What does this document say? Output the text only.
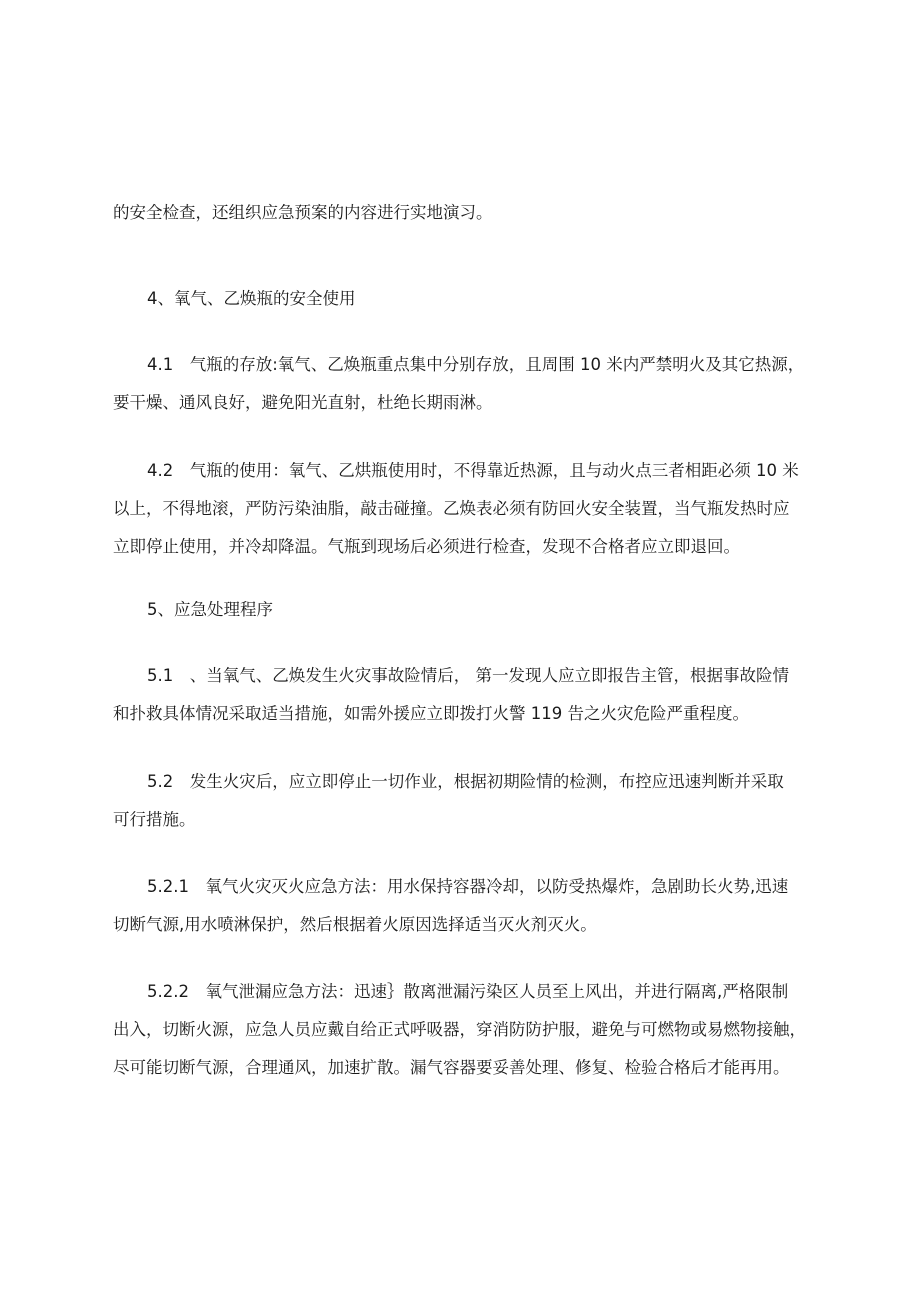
的安全检查，还组织应急预案的内容进行实地演习。

4、氧气、乙焕瓶的安全使用

4.1　气瓶的存放:氧气、乙焕瓶重点集中分别存放，且周围 10 米内严禁明火及其它热源，
要干燥、通风良好，避免阳光直射，杜绝长期雨淋。

4.2　气瓶的使用：氧气、乙烘瓶使用时，不得靠近热源，且与动火点三者相距必须 10 米
以上，不得地滚，严防污染油脂，敲击碰撞。乙焕表必须有防回火安全装置，当气瓶发热时应
立即停止使用，并冷却降温。气瓶到现场后必须进行检查，发现不合格者应立即退回。

5、应急处理程序

5.1　、当氧气、乙焕发生火灾事故险情后， 第一发现人应立即报告主管，根据事故险情
和扑救具体情况采取适当措施，如需外援应立即拨打火警 119 告之火灾危险严重程度。

5.2　发生火灾后，应立即停止一切作业，根据初期险情的检测，布控应迅速判断并采取
可行措施。

5.2.1　氧气火灾灭火应急方法：用水保持容器冷却，以防受热爆炸，急剧助长火势,迅速
切断气源,用水喷淋保护，然后根据着火原因选择适当灭火剂灭火。

5.2.2　氧气泄漏应急方法：迅速｝散离泄漏污染区人员至上风出，并进行隔离,严格限制
出入，切断火源，应急人员应戴自给正式呼吸器，穿消防防护服，避免与可燃物或易燃物接触，
尽可能切断气源，合理通风，加速扩散。漏气容器要妥善处理、修复、检验合格后才能再用。
